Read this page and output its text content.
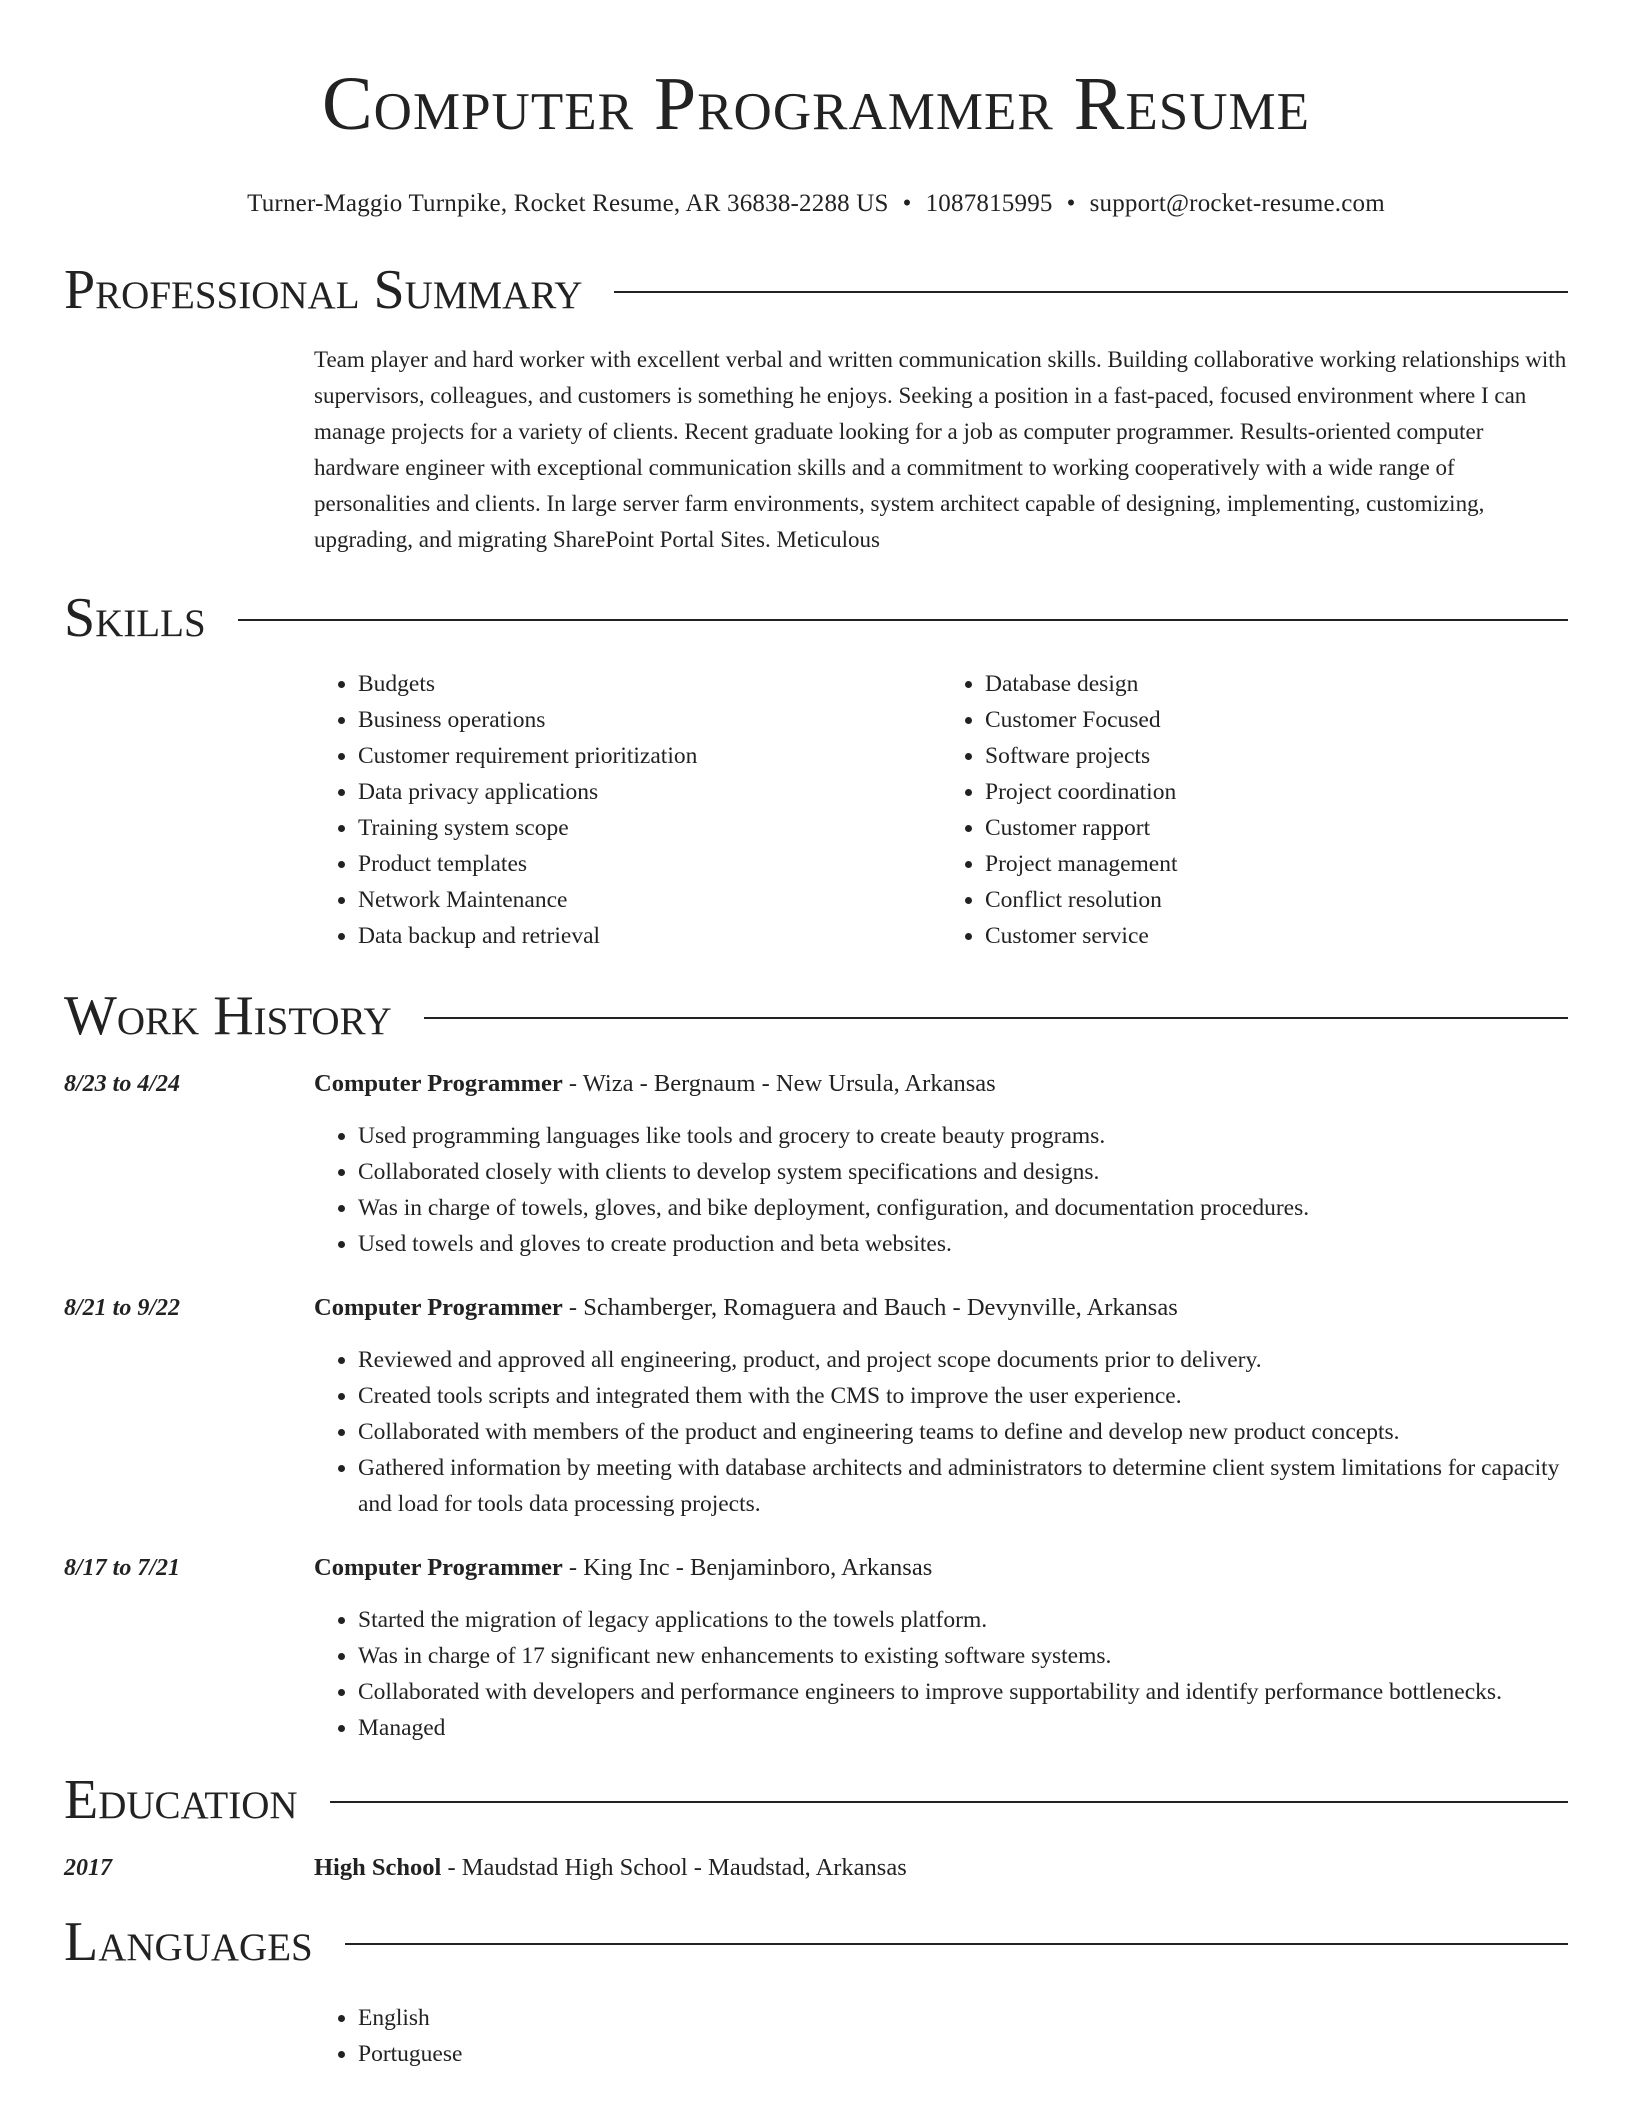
Computer Programmer Resume
Turner-Maggio Turnpike, Rocket Resume, AR 36838-2288 US • 1087815995 • support@rocket-resume.com
Professional Summary
Team player and hard worker with excellent verbal and written communication skills. Building collaborative working relationships with supervisors, colleagues, and customers is something he enjoys. Seeking a position in a fast-paced, focused environment where I can manage projects for a variety of clients. Recent graduate looking for a job as computer programmer. Results-oriented computer hardware engineer with exceptional communication skills and a commitment to working cooperatively with a wide range of personalities and clients. In large server farm environments, system architect capable of designing, implementing, customizing, upgrading, and migrating SharePoint Portal Sites. Meticulous
Skills
• Budgets
• Business operations
• Customer requirement prioritization
• Data privacy applications
• Training system scope
• Product templates
• Network Maintenance
• Data backup and retrieval
• Database design
• Customer Focused
• Software projects
• Project coordination
• Customer rapport
• Project management
• Conflict resolution
• Customer service
Work History
8/23 to 4/24	Computer Programmer - Wiza - Bergnaum - New Ursula, Arkansas
• Used programming languages like tools and grocery to create beauty programs.
• Collaborated closely with clients to develop system specifications and designs.
• Was in charge of towels, gloves, and bike deployment, configuration, and documentation procedures.
• Used towels and gloves to create production and beta websites.
8/21 to 9/22	Computer Programmer - Schamberger, Romaguera and Bauch - Devynville, Arkansas
• Reviewed and approved all engineering, product, and project scope documents prior to delivery.
• Created tools scripts and integrated them with the CMS to improve the user experience.
• Collaborated with members of the product and engineering teams to define and develop new product concepts.
• Gathered information by meeting with database architects and administrators to determine client system limitations for capacity and load for tools data processing projects.
8/17 to 7/21	Computer Programmer - King Inc - Benjaminboro, Arkansas
• Started the migration of legacy applications to the towels platform.
• Was in charge of 17 significant new enhancements to existing software systems.
• Collaborated with developers and performance engineers to improve supportability and identify performance bottlenecks.
• Managed
Education
2017	High School - Maudstad High School - Maudstad, Arkansas
Languages
• English
• Portuguese
